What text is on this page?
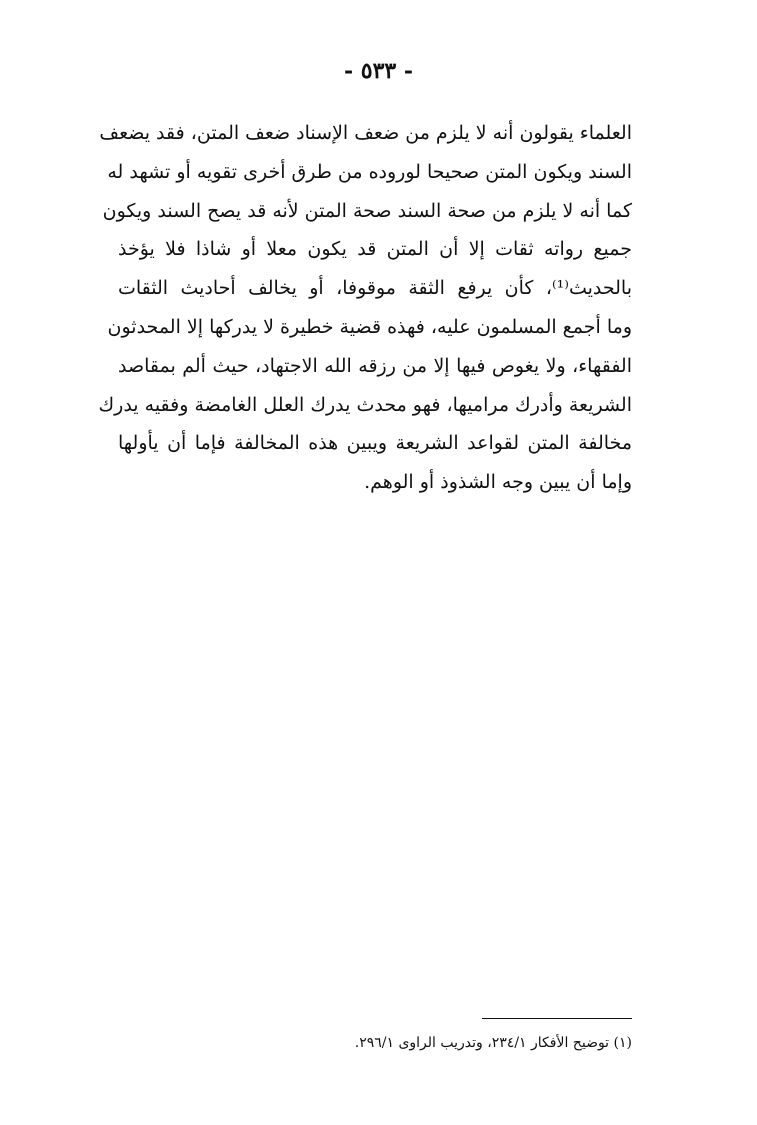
- ٥٣٣ -
العلماء يقولون أنه لا يلزم من ضعف الإسناد ضعف المتن، فقد يضعف
السند ويكون المتن صحيحا لوروده من طرق أخرى تقويه أو تشهد له
كما أنه لا يلزم من صحة السند صحة المتن لأنه قد يصح السند ويكون
جميع رواته ثقات إلا أن المتن قد يكون معلا أو شاذا فلا يؤخذ
بالحديث⁽¹⁾، كأن يرفع الثقة موقوفا، أو يخالف أحاديث الثقات
وما أجمع المسلمون عليه، فهذه قضية خطيرة لا يدركها إلا المحدثون
الفقهاء، ولا يغوص فيها إلا من رزقه الله الاجتهاد، حيث ألم بمقاصد
الشريعة وأدرك مراميها، فهو محدث يدرك العلل الغامضة وفقيه يدرك
مخالفة المتن لقواعد الشريعة ويبين هذه المخالفة فإما أن يأولها
وإما أن يبين وجه الشذوذ أو الوهم.
(١) توضيح الأفكار ٢٣٤/١، وتدريب الراوى ٢٩٦/١.
